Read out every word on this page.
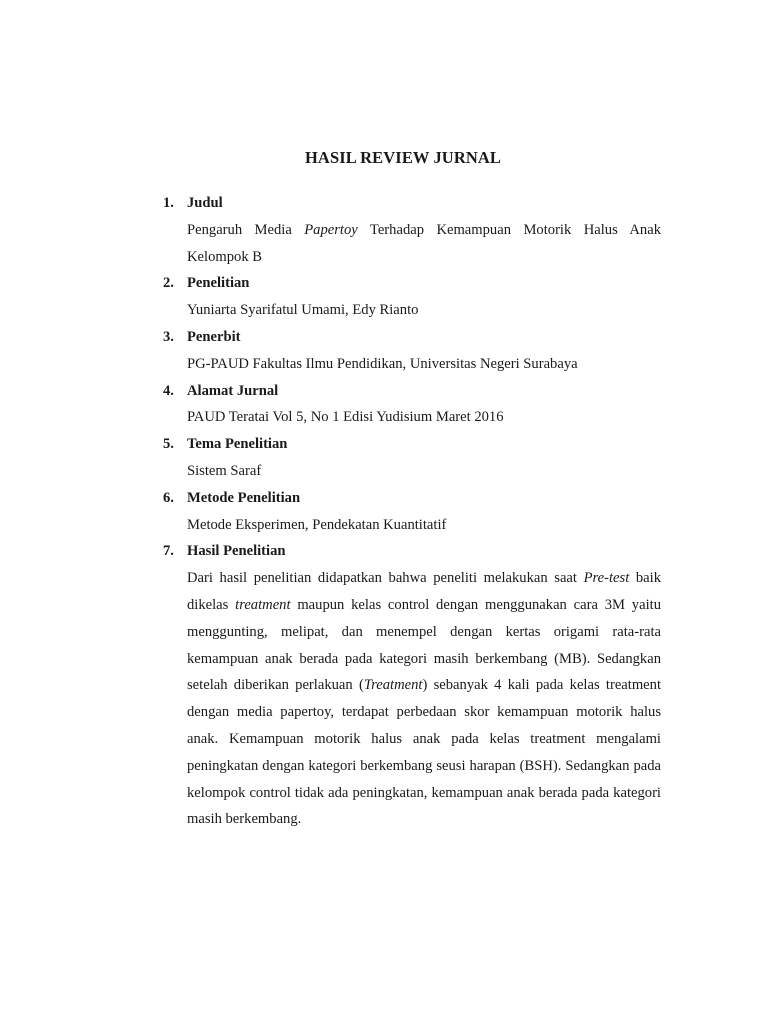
HASIL REVIEW JURNAL
1. Judul
Pengaruh Media Papertoy Terhadap Kemampuan Motorik Halus Anak Kelompok B
2. Penelitian
Yuniarta Syarifatul Umami, Edy Rianto
3. Penerbit
PG-PAUD Fakultas Ilmu Pendidikan, Universitas Negeri Surabaya
4. Alamat Jurnal
PAUD Teratai Vol 5, No 1 Edisi Yudisium Maret 2016
5. Tema Penelitian
Sistem Saraf
6. Metode Penelitian
Metode Eksperimen, Pendekatan Kuantitatif
7. Hasil Penelitian
Dari hasil penelitian didapatkan bahwa peneliti melakukan saat Pre-test baik dikelas treatment maupun kelas control dengan menggunakan cara 3M yaitu menggunting, melipat, dan menempel dengan kertas origami rata-rata kemampuan anak berada pada kategori masih berkembang (MB). Sedangkan setelah diberikan perlakuan (Treatment) sebanyak 4 kali pada kelas treatment dengan media papertoy, terdapat perbedaan skor kemampuan motorik halus anak. Kemampuan motorik halus anak pada kelas treatment mengalami peningkatan dengan kategori berkembang seusi harapan (BSH). Sedangkan pada kelompok control tidak ada peningkatan, kemampuan anak berada pada kategori masih berkembang.
